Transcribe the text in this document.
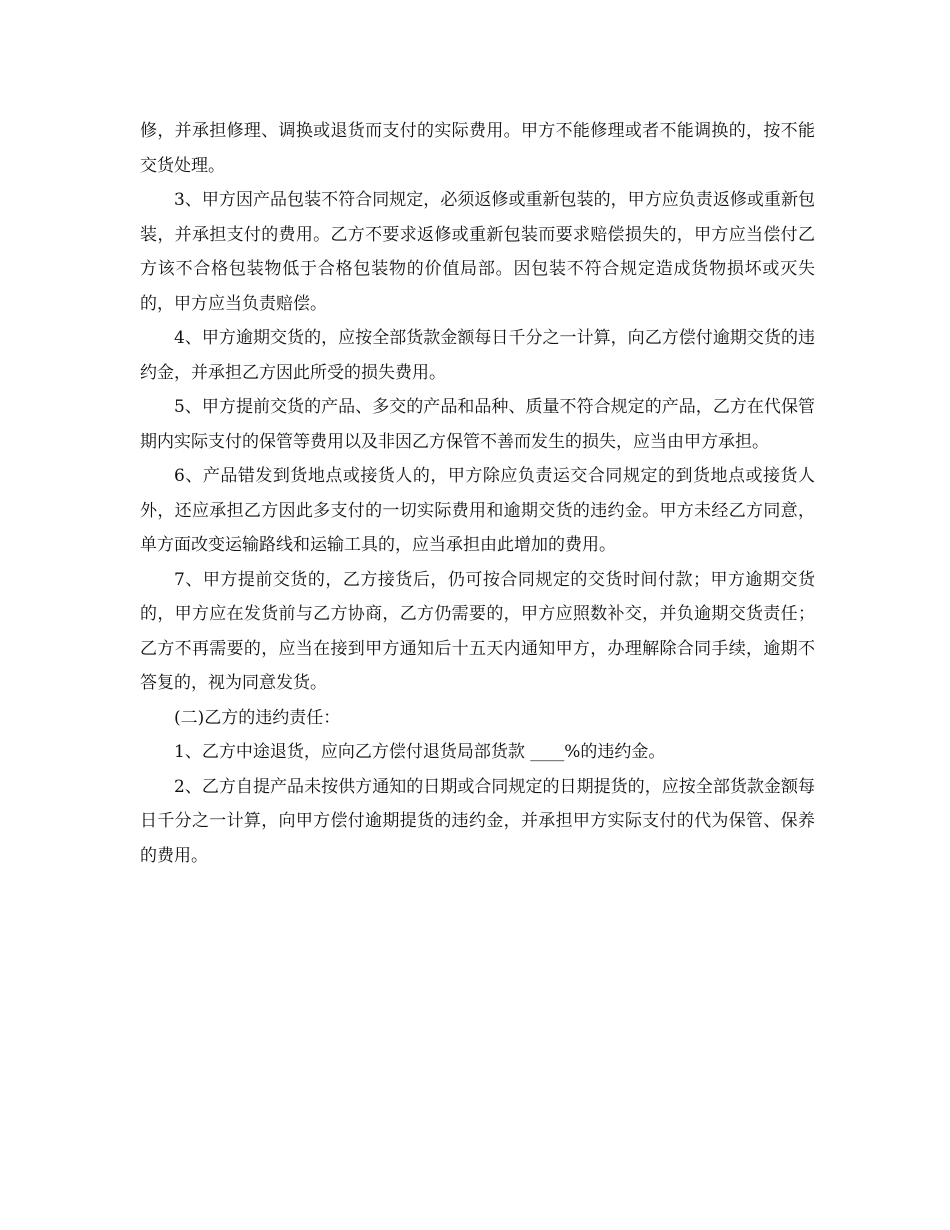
修，并承担修理、调换或退货而支付的实际费用。甲方不能修理或者不能调换的，按不能交货处理。

3、甲方因产品包装不符合同规定，必须返修或重新包装的，甲方应负责返修或重新包装，并承担支付的费用。乙方不要求返修或重新包装而要求赔偿损失的，甲方应当偿付乙方该不合格包装物低于合格包装物的价值局部。因包装不符合规定造成货物损坏或灭失的，甲方应当负责赔偿。

4、甲方逾期交货的，应按全部货款金额每日千分之一计算，向乙方偿付逾期交货的违约金，并承担乙方因此所受的损失费用。

5、甲方提前交货的产品、多交的产品和品种、质量不符合规定的产品，乙方在代保管期内实际支付的保管等费用以及非因乙方保管不善而发生的损失，应当由甲方承担。

6、产品错发到货地点或接货人的，甲方除应负责运交合同规定的到货地点或接货人外，还应承担乙方因此多支付的一切实际费用和逾期交货的违约金。甲方未经乙方同意，单方面改变运输路线和运输工具的，应当承担由此增加的费用。

7、甲方提前交货的，乙方接货后，仍可按合同规定的交货时间付款；甲方逾期交货的，甲方应在发货前与乙方协商，乙方仍需要的，甲方应照数补交，并负逾期交货责任；乙方不再需要的，应当在接到甲方通知后十五天内通知甲方，办理解除合同手续，逾期不答复的，视为同意发货。

(二)乙方的违约责任：

1、乙方中途退货，应向乙方偿付退货局部货款 ____%的违约金。

2、乙方自提产品未按供方通知的日期或合同规定的日期提货的，应按全部货款金额每日千分之一计算，向甲方偿付逾期提货的违约金，并承担甲方实际支付的代为保管、保养的费用。
